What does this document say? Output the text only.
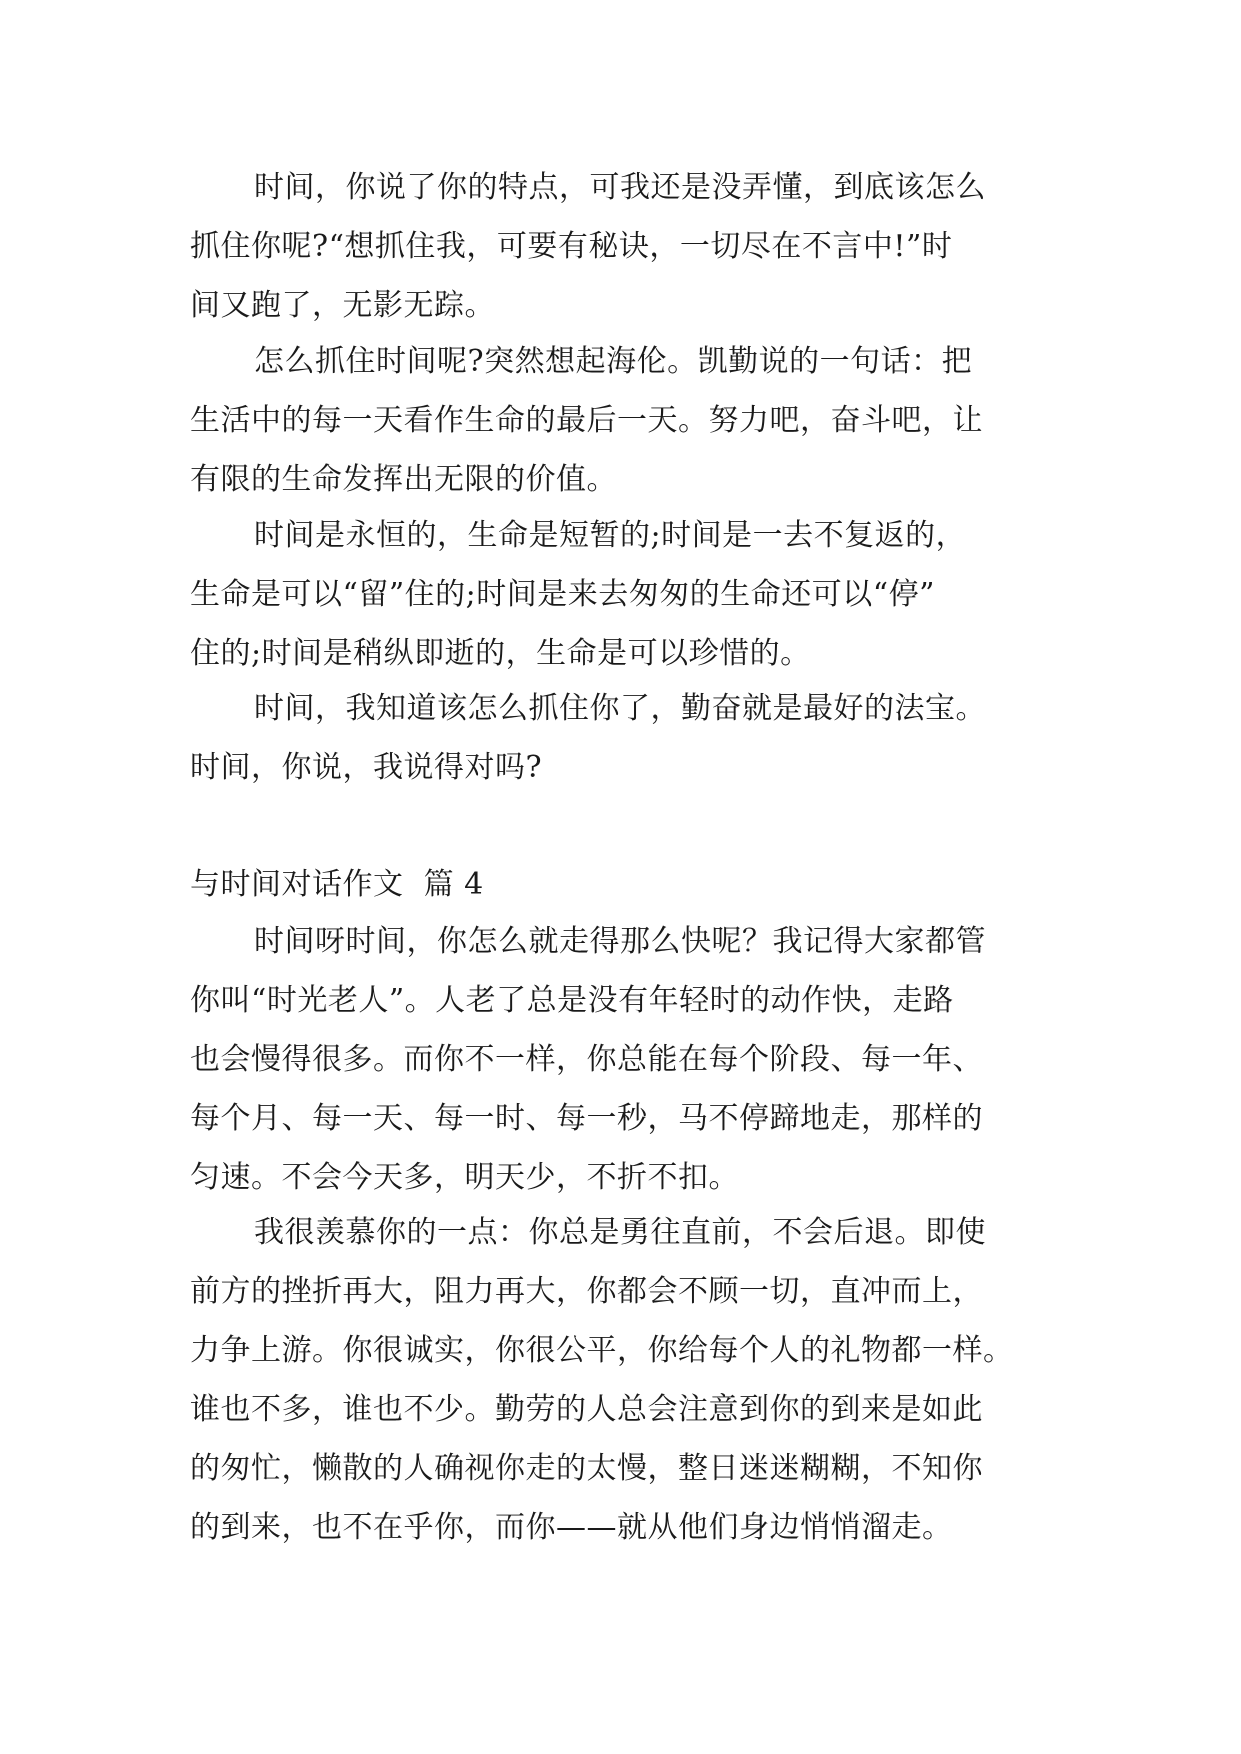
时间，你说了你的特点，可我还是没弄懂，到底该怎么
抓住你呢?“想抓住我，可要有秘诀，一切尽在不言中!”时
间又跑了，无影无踪。
怎么抓住时间呢?突然想起海伦。凯勤说的一句话：把
生活中的每一天看作生命的最后一天。努力吧，奋斗吧，让
有限的生命发挥出无限的价值。
时间是永恒的，生命是短暂的;时间是一去不复返的，
生命是可以“留”住的;时间是来去匆匆的生命还可以“停”
住的;时间是稍纵即逝的，生命是可以珍惜的。
时间，我知道该怎么抓住你了，勤奋就是最好的法宝。
时间，你说，我说得对吗?
与时间对话作文  篇 4
时间呀时间，你怎么就走得那么快呢？我记得大家都管
你叫“时光老人”。人老了总是没有年轻时的动作快，走路
也会慢得很多。而你不一样，你总能在每个阶段、每一年、
每个月、每一天、每一时、每一秒，马不停蹄地走，那样的
匀速。不会今天多，明天少，不折不扣。
我很羡慕你的一点：你总是勇往直前，不会后退。即使
前方的挫折再大，阻力再大，你都会不顾一切，直冲而上，
力争上游。你很诚实，你很公平，你给每个人的礼物都一样。
谁也不多，谁也不少。勤劳的人总会注意到你的到来是如此
的匆忙，懒散的人确视你走的太慢，整日迷迷糊糊，不知你
的到来，也不在乎你，而你——就从他们身边悄悄溜走。
